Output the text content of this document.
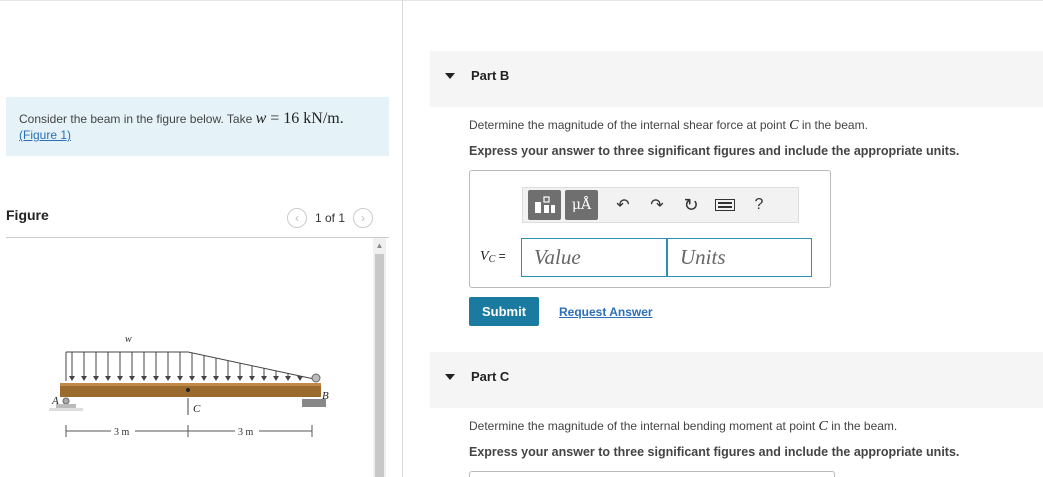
Consider the beam in the figure below. Take w = 16 kN/m.
(Figure 1)
Figure	‹ 1 of 1 ›
w
A	B
C
3 m	3 m
▲
Part B
Determine the magnitude of the internal shear force at point C in the beam.
Express your answer to three significant figures and include the appropriate units.
μÅ ↶ ↷ ↻	?
$V_C$ =
Value
Units
Submit	Request Answer
Part C
Determine the magnitude of the internal bending moment at point C in the beam.
Express your answer to three significant figures and include the appropriate units.
